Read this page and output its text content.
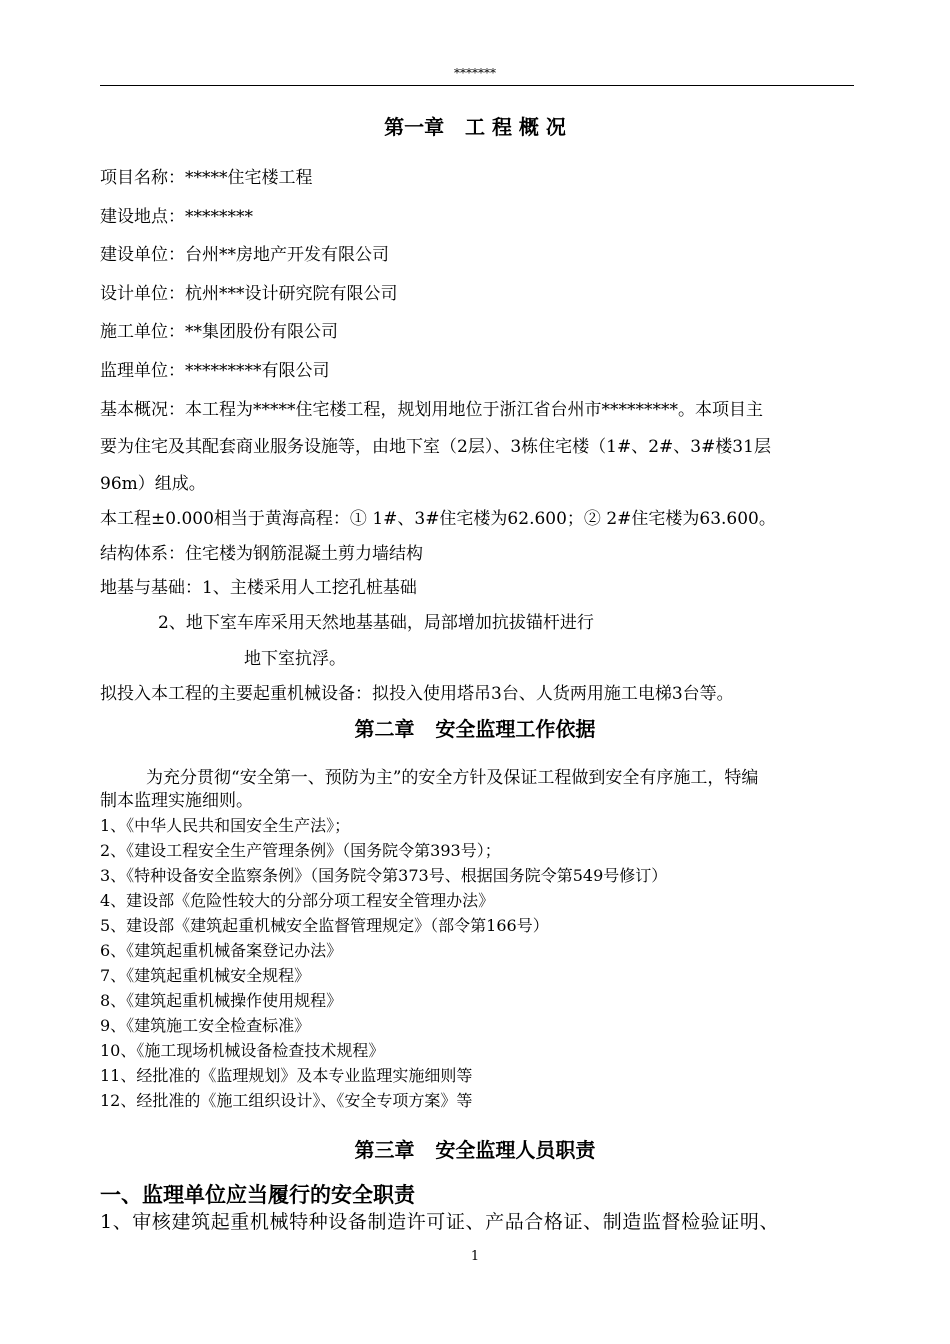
*******
第一章   工 程 概 况
项目名称：*****住宅楼工程
建设地点：********
建设单位：台州**房地产开发有限公司
设计单位：杭州***设计研究院有限公司
施工单位：**集团股份有限公司
监理单位：*********有限公司
基本概况：本工程为*****住宅楼工程，规划用地位于浙江省台州市*********。本项目主
要为住宅及其配套商业服务设施等，由地下室（2层）、3栋住宅楼（1#、2#、3#楼31层
96m）组成。
本工程±0.000相当于黄海高程：① 1#、3#住宅楼为62.600；② 2#住宅楼为63.600。
结构体系：住宅楼为钢筋混凝土剪力墙结构
地基与基础：1、主楼采用人工挖孔桩基础
2、地下室车库采用天然地基基础，局部增加抗拔锚杆进行
地下室抗浮。
拟投入本工程的主要起重机械设备：拟投入使用塔吊3台、人货两用施工电梯3台等。
第二章   安全监理工作依据
为充分贯彻“安全第一、预防为主”的安全方针及保证工程做到安全有序施工，特编
制本监理实施细则。
1、《中华人民共和国安全生产法》；
2、《建设工程安全生产管理条例》（国务院令第393号）；
3、《特种设备安全监察条例》（国务院令第373号、根据国务院令第549号修订）
4、建设部《危险性较大的分部分项工程安全管理办法》
5、建设部《建筑起重机械安全监督管理规定》（部令第166号）
6、《建筑起重机械备案登记办法》
7、《建筑起重机械安全规程》
8、《建筑起重机械操作使用规程》
9、《建筑施工安全检查标准》
10、《施工现场机械设备检查技术规程》
11、经批准的《监理规划》及本专业监理实施细则等
12、经批准的《施工组织设计》、《安全专项方案》等
第三章   安全监理人员职责
一、监理单位应当履行的安全职责
1、审核建筑起重机械特种设备制造许可证、产品合格证、制造监督检验证明、
1
